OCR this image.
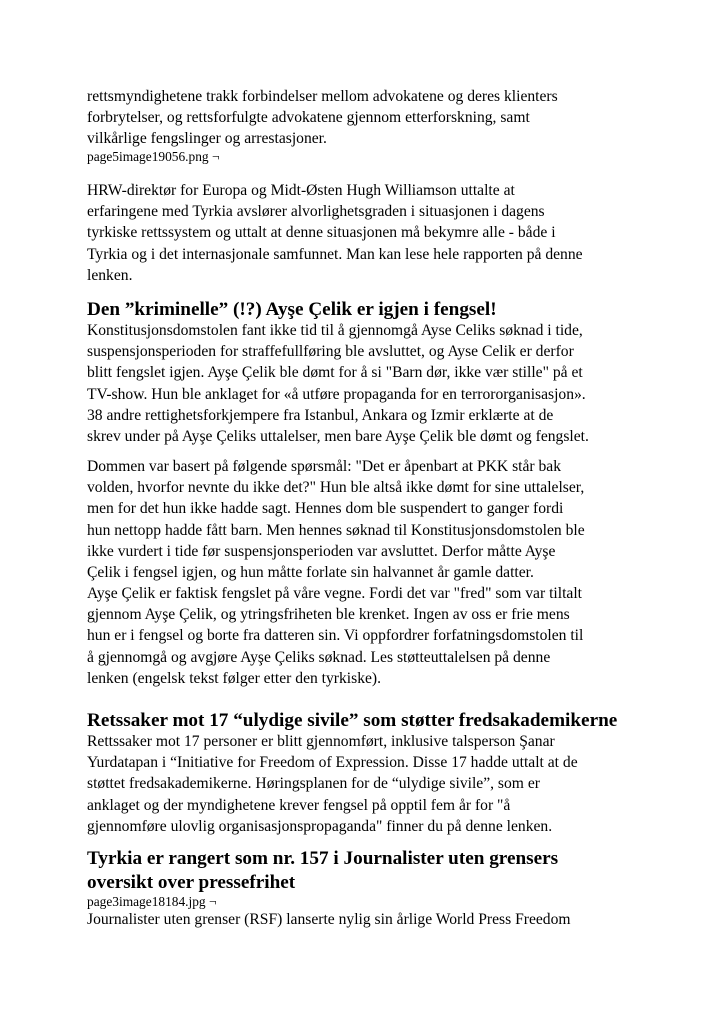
rettsmyndighetene trakk forbindelser mellom advokatene og deres klienters
forbrytelser, og rettsforfulgte advokatene gjennom etterforskning, samt
vilkårlige fengslinger og arrestasjoner.

page5image19056.png ¬

HRW-direktør for Europa og Midt-Østen Hugh Williamson uttalte at
erfaringene med Tyrkia avslører alvorlighetsgraden i situasjonen i dagens
tyrkiske rettssystem og uttalt at denne situasjonen må bekymre alle - både i
Tyrkia og i det internasjonale samfunnet. Man kan lese hele rapporten på denne
lenken.

Den ”kriminelle” (!?) Ayşe Çelik er igjen i fengsel!

Konstitusjonsdomstolen fant ikke tid til å gjennomgå Ayse Celiks søknad i tide,
suspensjonsperioden for straffefullføring ble avsluttet, og Ayse Celik er derfor
blitt fengslet igjen. Ayşe Çelik ble dømt for å si "Barn dør, ikke vær stille" på et
TV-show. Hun ble anklaget for «å utføre propaganda for en terrororganisasjon».
38 andre rettighetsforkjempere fra Istanbul, Ankara og Izmir erklærte at de
skrev under på Ayşe Çeliks uttalelser, men bare Ayşe Çelik ble dømt og fengslet.

Dommen var basert på følgende spørsmål: "Det er åpenbart at PKK står bak
volden, hvorfor nevnte du ikke det?" Hun ble altså ikke dømt for sine uttalelser,
men for det hun ikke hadde sagt. Hennes dom ble suspendert to ganger fordi
hun nettopp hadde fått barn. Men hennes søknad til Konstitusjonsdomstolen ble
ikke vurdert i tide før suspensjonsperioden var avsluttet. Derfor måtte Ayşe
Çelik i fengsel igjen, og hun måtte forlate sin halvannet år gamle datter.

Ayşe Çelik er faktisk fengslet på våre vegne. Fordi det var "fred" som var tiltalt
gjennom Ayşe Çelik, og ytringsfriheten ble krenket. Ingen av oss er frie mens
hun er i fengsel og borte fra datteren sin. Vi oppfordrer forfatningsdomstolen til
å gjennomgå og avgjøre Ayşe Çeliks søknad. Les støtteuttalelsen på denne
lenken (engelsk tekst følger etter den tyrkiske).

Retssaker mot 17 “ulydige sivile” som støtter fredsakademikerne

Rettssaker mot 17 personer er blitt gjennomført, inklusive talsperson Şanar
Yurdatapan i “Initiative for Freedom of Expression. Disse 17 hadde uttalt at de
støttet fredsakademikerne. Høringsplanen for de “ulydige sivile”, som er
anklaget og der myndighetene krever fengsel på opptil fem år for "å
gjennomføre ulovlig organisasjonspropaganda" finner du på denne lenken.

Tyrkia er rangert som nr. 157 i Journalister uten grensers
oversikt over pressefrihet

page3image18184.jpg ¬

Journalister uten grenser (RSF) lanserte nylig sin årlige World Press Freedom
